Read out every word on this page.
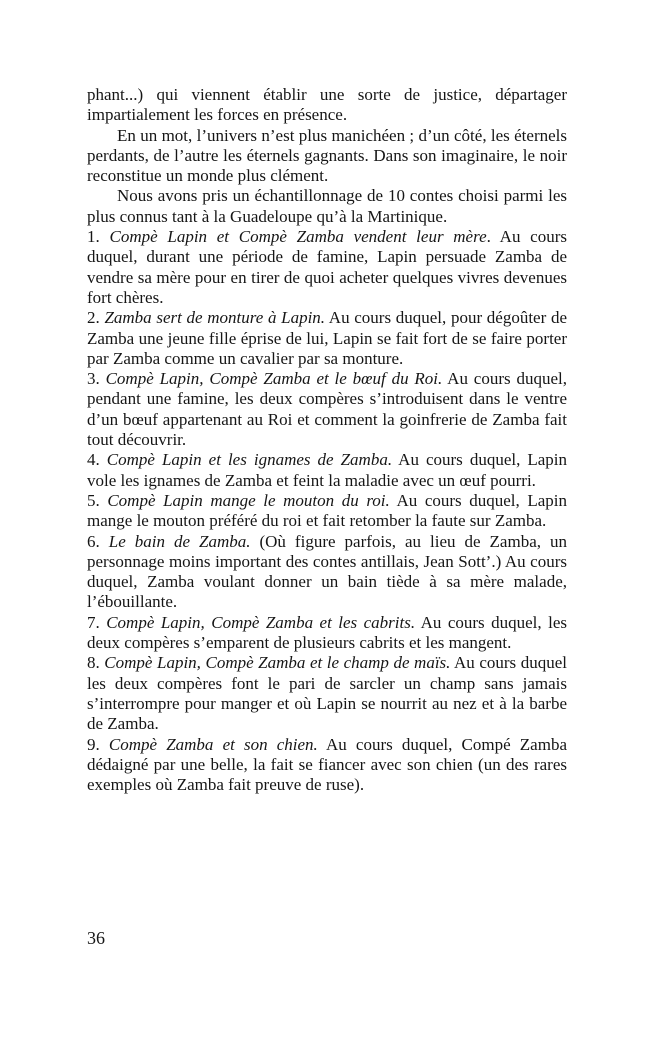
phant...) qui viennent établir une sorte de justice, départager impartialement les forces en présence.

En un mot, l’univers n’est plus manichéen ; d’un côté, les éternels perdants, de l’autre les éternels gagnants. Dans son imaginaire, le noir reconstitue un monde plus clément.

Nous avons pris un échantillonnage de 10 contes choisi parmi les plus connus tant à la Guadeloupe qu’à la Martinique.

1. Compè Lapin et Compè Zamba vendent leur mère. Au cours duquel, durant une période de famine, Lapin persuade Zamba de vendre sa mère pour en tirer de quoi acheter quelques vivres devenues fort chères.

2. Zamba sert de monture à Lapin. Au cours duquel, pour dégoûter de Zamba une jeune fille éprise de lui, Lapin se fait fort de se faire porter par Zamba comme un cavalier par sa monture.

3. Compè Lapin, Compè Zamba et le bœuf du Roi. Au cours duquel, pendant une famine, les deux compères s’introduisent dans le ventre d’un bœuf appartenant au Roi et comment la goinfrerie de Zamba fait tout découvrir.

4. Compè Lapin et les ignames de Zamba. Au cours duquel, Lapin vole les ignames de Zamba et feint la maladie avec un œuf pourri.

5. Compè Lapin mange le mouton du roi. Au cours duquel, Lapin mange le mouton préféré du roi et fait retomber la faute sur Zamba.

6. Le bain de Zamba. (Où figure parfois, au lieu de Zamba, un personnage moins important des contes antillais, Jean Sott’.) Au cours duquel, Zamba voulant donner un bain tiède à sa mère malade, l’ébouillante.

7. Compè Lapin, Compè Zamba et les cabrits. Au cours duquel, les deux compères s’emparent de plusieurs cabrits et les mangent.

8. Compè Lapin, Compè Zamba et le champ de maïs. Au cours duquel les deux compères font le pari de sarcler un champ sans jamais s’interrompre pour manger et où Lapin se nourrit au nez et à la barbe de Zamba.

9. Compè Zamba et son chien. Au cours duquel, Compé Zamba dédaigné par une belle, la fait se fiancer avec son chien (un des rares exemples où Zamba fait preuve de ruse).

36
